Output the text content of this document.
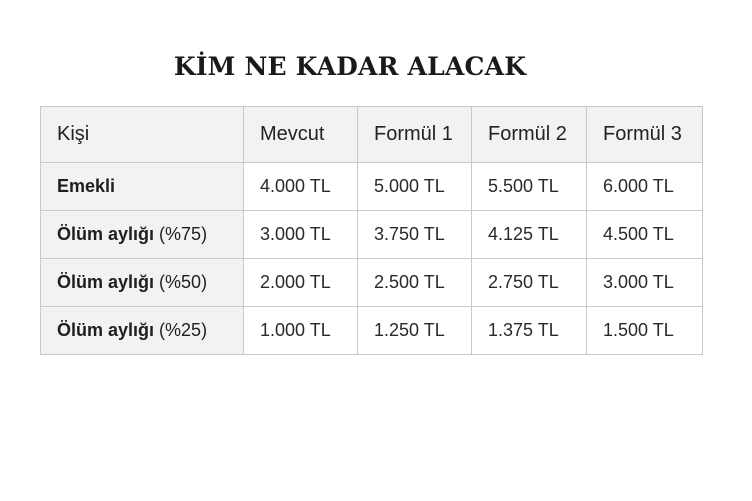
KİM NE KADAR ALACAK
Kişi	Mevcut	Formül 1	Formül 2	Formül 3
Emekli	4.000 TL	5.000 TL	5.500 TL	6.000 TL
Ölüm aylığı (%75)	3.000 TL	3.750 TL	4.125 TL	4.500 TL
Ölüm aylığı (%50)	2.000 TL	2.500 TL	2.750 TL	3.000 TL
Ölüm aylığı (%25)	1.000 TL	1.250 TL	1.375 TL	1.500 TL
